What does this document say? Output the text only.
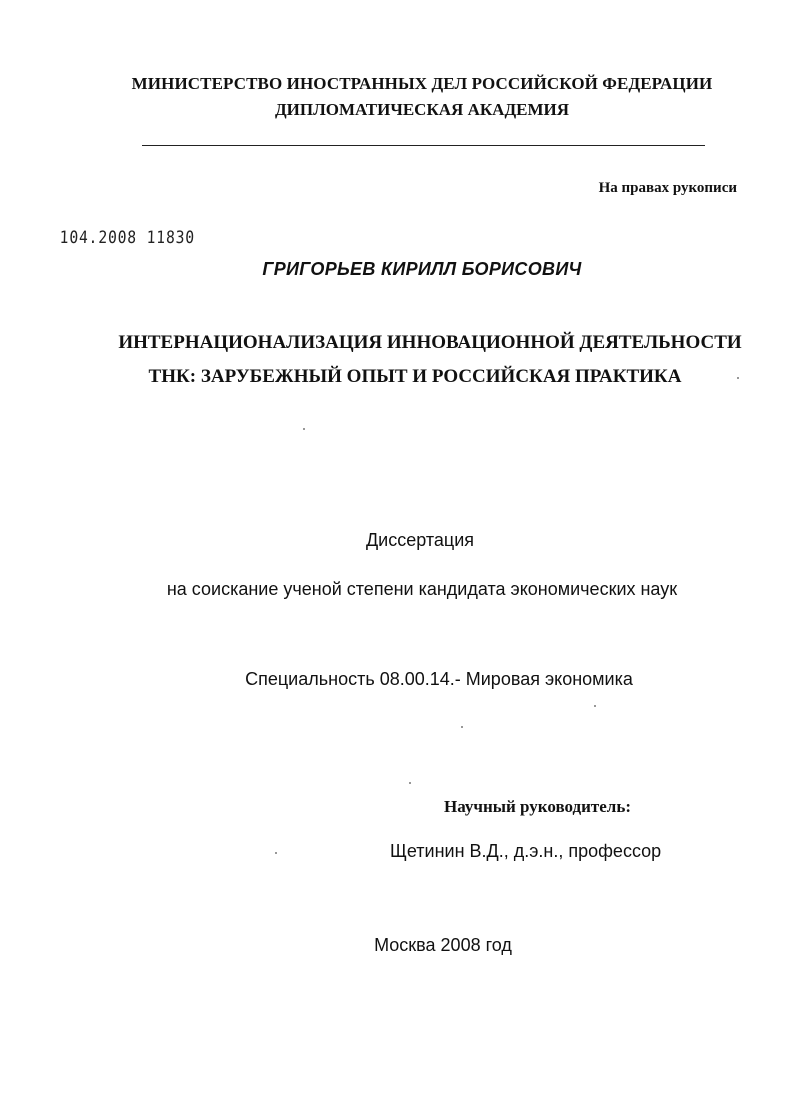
МИНИСТЕРСТВО ИНОСТРАННЫХ ДЕЛ РОССИЙСКОЙ ФЕДЕРАЦИИ
ДИПЛОМАТИЧЕСКАЯ АКАДЕМИЯ
На правах рукописи
104.2008 11830
ГРИГОРЬЕВ КИРИЛЛ БОРИСОВИЧ
ИНТЕРНАЦИОНАЛИЗАЦИЯ ИННОВАЦИОННОЙ ДЕЯТЕЛЬНОСТИ
ТНК: ЗАРУБЕЖНЫЙ ОПЫТ И РОССИЙСКАЯ ПРАКТИКА
Диссертация
на соискание ученой степени кандидата экономических наук
Специальность 08.00.14.- Мировая экономика
Научный руководитель:
Щетинин В.Д., д.э.н., профессор
Москва 2008 год
